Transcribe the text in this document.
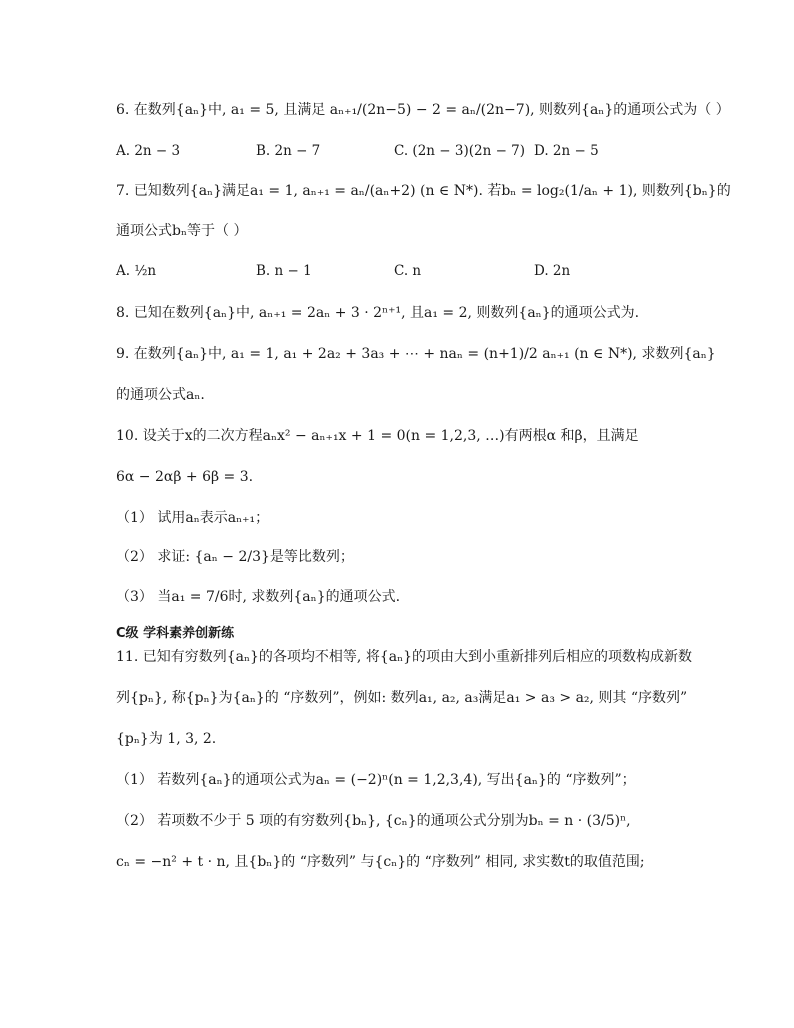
6. 在数列{aₙ}中, a₁ = 5, 且满足 aₙ₊₁/(2n−5) − 2 = aₙ/(2n−7), 则数列{aₙ}的通项公式为（ ）
A. 2n − 3	B. 2n − 7	C. (2n − 3)(2n − 7) D. 2n − 5
7. 已知数列{aₙ}满足a₁ = 1, aₙ₊₁ = aₙ/(aₙ+2) (n ∈ N*). 若bₙ = log₂(1/aₙ + 1), 则数列{bₙ}的
通项公式bₙ等于（ ）
A. ½n	B. n − 1	C. n	D. 2n
8. 已知在数列{aₙ}中, aₙ₊₁ = 2aₙ + 3 · 2ⁿ⁺¹, 且a₁ = 2, 则数列{aₙ}的通项公式为.
9. 在数列{aₙ}中, a₁ = 1, a₁ + 2a₂ + 3a₃ + ⋯ + naₙ = (n+1)/2 aₙ₊₁ (n ∈ N*), 求数列{aₙ}
的通项公式aₙ.
10. 设关于x的二次方程aₙx² − aₙ₊₁x + 1 = 0(n = 1,2,3, …)有两根α 和β，且满足
6α − 2αβ + 6β = 3.
（1） 试用aₙ表示aₙ₊₁；
（2） 求证: {aₙ − 2/3}是等比数列；
（3） 当a₁ = 7/6时, 求数列{aₙ}的通项公式.
C级 学科素养创新练
11. 已知有穷数列{aₙ}的各项均不相等, 将{aₙ}的项由大到小重新排列后相应的项数构成新数
列{pₙ}, 称{pₙ}为{aₙ}的 “序数列”，例如: 数列a₁, a₂, a₃满足a₁ > a₃ > a₂, 则其 “序数列”
{pₙ}为 1, 3, 2.
（1） 若数列{aₙ}的通项公式为aₙ = (−2)ⁿ(n = 1,2,3,4), 写出{aₙ}的 “序数列”；
（2） 若项数不少于 5 项的有穷数列{bₙ}, {cₙ}的通项公式分别为bₙ = n · (3/5)ⁿ,
cₙ = −n² + t · n, 且{bₙ}的 “序数列” 与{cₙ}的 “序数列” 相同, 求实数t的取值范围;
